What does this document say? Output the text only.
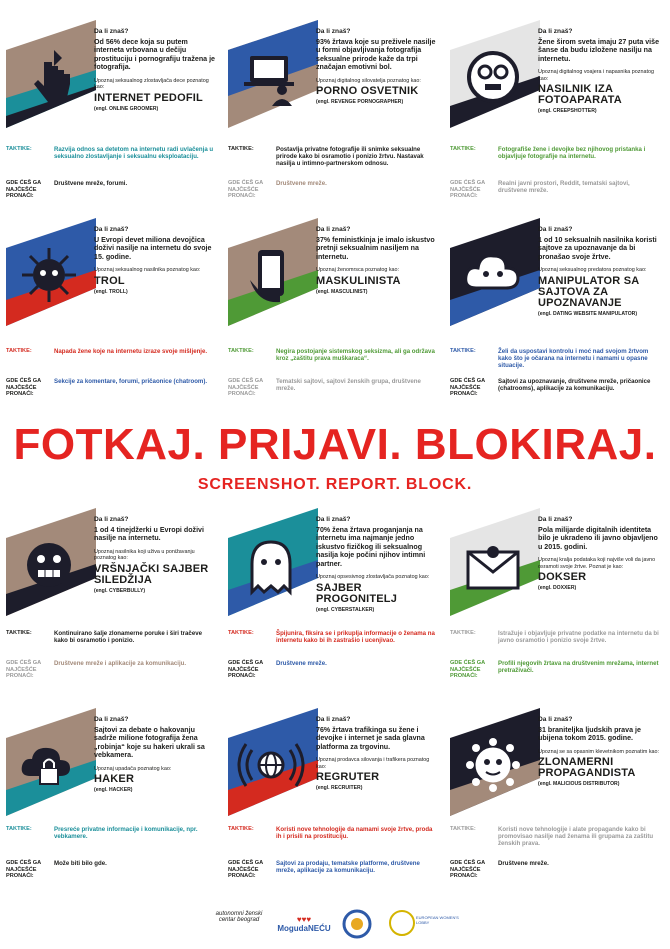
Da li znaš?
Od 56% dece koja su putem interneta vrbovana u dečiju prostituciju i pornografiju tražena je fotografija.
Upoznaj seksualnog zlostavljača dece poznatog kao:
INTERNET PEDOFIL
(engl. ONLINE GROOMER)
TAKTIKE:	Razvija odnos sa detetom na internetu radi uvlačenja u seksualno zlostavljanje i seksualnu eksploataciju.
GDE ĆEŠ GA NAJČEŠĆE PRONAĆI:
Društvene mreže, forumi.
Da li znaš?
93% žrtava koje su preživele nasilje u formi objavljivanja fotografija seksualne prirode kaže da trpi značajan emotivni bol.
Upoznaj digitalnog silovatelja poznatog kao:
PORNO OSVETNIK
(engl. REVENGE PORNOGRAPHER)
TAKTIKE:	Postavlja privatne fotografije ili snimke seksualne prirode kako bi osramotio i ponizio žrtvu. Nastavak nasilja u intimno-partnerskom odnosu.
GDE ĆEŠ GA NAJČEŠĆE PRONAĆI:
Društvene mreže.
Da li znaš?
Žene širom sveta imaju 27 puta više šanse da budu izložene nasilju na internetu.
Upoznaj digitalnog voajera i napasnika poznatog kao:
NASILNIK IZA FOTOAPARATA
(engl. CREEPSHOTTER)
TAKTIKE:	Fotografiše žene i devojke bez njihovog pristanka i objavljuje fotografije na internetu.
GDE ĆEŠ GA NAJČEŠĆE PRONAĆI:
Realni javni prostori, Reddit, tematski sajtovi, društvene mreže.
Da li znaš?
U Evropi devet miliona devojčica doživi nasilje na internetu do svoje 15. godine.
Upoznaj seksualnog nasilnika poznatog kao:
TROL
(engl. TROLL)
TAKTIKE:	Napada žene koje na internetu izraze svoje mišljenje.
GDE ĆEŠ GA NAJČEŠĆE PRONAĆI:
Sekcije za komentare, forumi, pričaonice (chatroom).
Da li znaš?
37% feministkinja je imalo iskustvo pretnji seksualnim nasiljem na internetu.
Upoznaj ženomrsca poznatog kao:
MASKULINISTA
(engl. MASCULINIST)
TAKTIKE:	Negira postojanje sistemskog seksizma, ali ga održava kroz „zaštitu prava muškaraca“.
GDE ĆEŠ GA NAJČEŠĆE PRONAĆI:
Tematski sajtovi, sajtovi ženskih grupa, društvene mreže.
Da li znaš?
1 od 10 seksualnih nasilnika koristi sajtove za upoznavanje da bi pronašao svoje žrtve.
Upoznaj seksualnog predatora poznatog kao:
MANIPULATOR SA SAJTOVA ZA UPOZNAVANJE
(engl. DATING WEBSITE MANIPULATOR)
TAKTIKE:	Želi da uspostavi kontrolu i moć nad svojom žrtvom kako što je očarana na internetu i namami u opasne situacije.
GDE ĆEŠ GA NAJČEŠĆE PRONAĆI:
Sajtovi za upoznavanje, društvene mreže, pričaonice (chatrooms), aplikacije za komunikaciju.
FOTKAJ. PRIJAVI. BLOKIRAJ.
SCREENSHOT. REPORT. BLOCK.
Da li znaš?
1 od 4 tinejdžerki u Evropi doživi nasilje na internetu.
Upoznaj nasilnika koji uživa u ponižavanju poznatog kao:
VRŠNJAČKI SAJBER SILEDŽIJA
(engl. CYBERBULLY)
TAKTIKE:	Kontinuirano šalje zlonamerne poruke i širi tračeve kako bi osramotio i ponizio.
GDE ĆEŠ GA NAJČEŠĆE PRONAĆI:
Društvene mreže i aplikacije za komunikaciju.
Da li znaš?
70% žena žrtava proganjanja na internetu ima najmanje jedno iskustvo fizičkog ili seksualnog nasilja koje počini njihov intimni partner.
Upoznaj opsesivnog zlostavljača poznatog kao:
SAJBER PROGONITELJ
(engl. CYBERSTALKER)
TAKTIKE:	Špijunira, fiksira se i prikuplja informacije o ženama na internetu kako bi ih zastrašio i ucenjivao.
GDE ĆEŠ GA NAJČEŠĆE PRONAĆI:
Društvene mreže.
Da li znaš?
Pola milijarde digitalnih identiteta bilo je ukradeno ili javno objavljeno u 2015. godini.
Upoznaj kralja podataka koji najviše voli da javno osramoti svoje žrtve. Poznat je kao:
DOKSER
(engl. DOXXER)
TAKTIKE:	Istražuje i objavljuje privatne podatke na internetu da bi javno osramotio i ponizio svoje žrtve.
GDE ĆEŠ GA NAJČEŠĆE PRONAĆI:
Profili njegovih žrtava na društvenim mrežama, internet pretraživači.
Da li znaš?
Sajtovi za debate o hakovanju sadrže milione fotografija žena „robinja“ koje su hakeri ukrali sa vebkamera.
Upoznaj upadača poznatog kao:
HAKER
(engl. HACKER)
TAKTIKE:	Presreće privatne informacije i komunikacije, npr. vebkamere.
GDE ĆEŠ GA NAJČEŠĆE PRONAĆI:
Može biti bilo gde.
Da li znaš?
76% žrtava trafikinga su žene i devojke i internet je sada glavna platforma za trgovinu.
Upoznaj prodavca silovanja i trafikera poznatog kao:
REGRUTER
(engl. RECRUITER)
TAKTIKE:	Koristi nove tehnologije da namami svoje žrtve, proda ih i prisili na prostituciju.
GDE ĆEŠ GA NAJČEŠĆE PRONAĆI:
Sajtovi za prodaju, tematske platforme, društvene mreže, aplikacije za komunikaciju.
Da li znaš?
31 braniteljka ljudskih prava je ubijena tokom 2015. godine.
Upoznaj se sa opasnim klevetnikom poznatim kao:
ZLONAMERNI PROPAGANDISTA
(engl. MALICIOUS DISTRIBUTOR)
TAKTIKE:	Koristi nove tehnologije i alate propagande kako bi promovisao nasilje nad ženama ili grupama za zaštitu ženskih prava.
GDE ĆEŠ GA NAJČEŠĆE PRONAĆI:
Društvene mreže.
autonomni ženski centar beograd	♥♥♥
MogudaNEĆU
EUROPEAN WOMEN'S LOBBY
